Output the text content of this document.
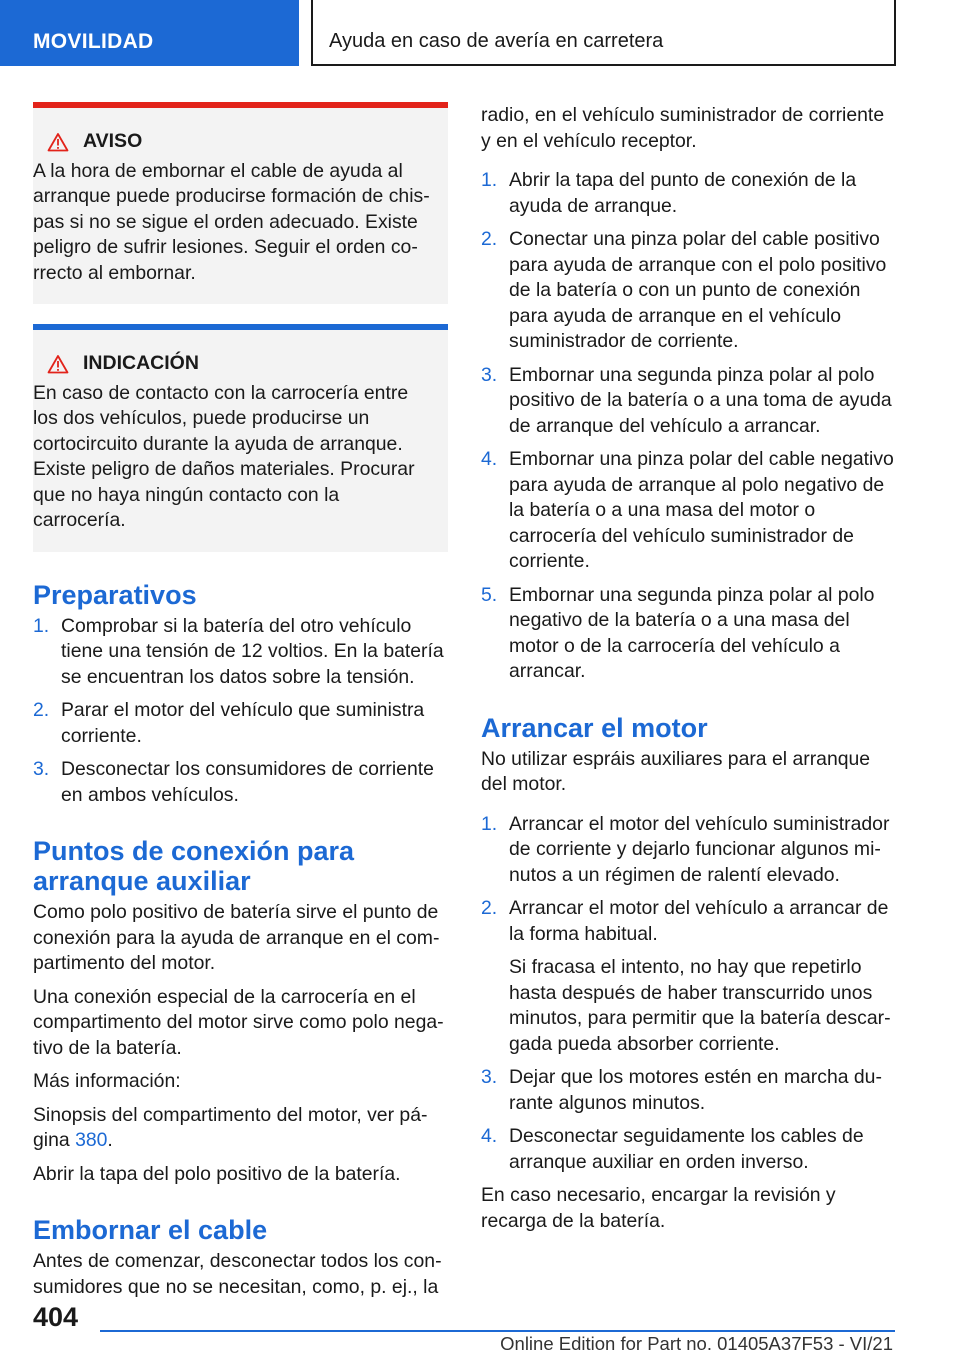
MOVILIDAD	Ayuda en caso de avería en carretera
AVISO

A la hora de embornar el cable de ayuda al arranque puede producirse formación de chispas si no se sigue el orden adecuado. Existe peligro de sufrir lesiones. Seguir el orden correcto al embornar.

INDICACIÓN

En caso de contacto con la carrocería entre los dos vehículos, puede producirse un cortocircuito durante la ayuda de arranque. Existe peligro de daños materiales. Procurar que no haya ningún contacto con la carrocería.

Preparativos
1. Comprobar si la batería del otro vehículo tiene una tensión de 12 voltios. En la batería se encuentran los datos sobre la tensión.
2. Parar el motor del vehículo que suministra corriente.
3. Desconectar los consumidores de corriente en ambos vehículos.
Puntos de conexión para arranque auxiliar

Como polo positivo de batería sirve el punto de conexión para la ayuda de arranque en el compartimento del motor.

Una conexión especial de la carrocería en el compartimento del motor sirve como polo negativo de la batería.

Más información:

Sinopsis del compartimento del motor, ver página 380.

Abrir la tapa del polo positivo de la batería.

Embornar el cable

Antes de comenzar, desconectar todos los consumidores que no se necesitan, como, p. ej., la

radio, en el vehículo suministrador de corriente y en el vehículo receptor.

1. Abrir la tapa del punto de conexión de la ayuda de arranque.
2. Conectar una pinza polar del cable positivo para ayuda de arranque con el polo positivo de la batería o con un punto de conexión para ayuda de arranque en el vehículo suministrador de corriente.
3. Embornar una segunda pinza polar al polo positivo de la batería o a una toma de ayuda de arranque del vehículo a arrancar.
4. Embornar una pinza polar del cable negativo para ayuda de arranque al polo negativo de la batería o a una masa del motor o carrocería del vehículo suministrador de corriente.
5. Embornar una segunda pinza polar al polo negativo de la batería o a una masa del motor o de la carrocería del vehículo a arrancar.
Arrancar el motor

No utilizar espráis auxiliares para el arranque del motor.

1. Arrancar el motor del vehículo suministrador de corriente y dejarlo funcionar algunos minutos a un régimen de ralentí elevado.
2. Arrancar el motor del vehículo a arrancar de la forma habitual.
Si fracasa el intento, no hay que repetirlo hasta después de haber transcurrido unos minutos, para permitir que la batería descargada pueda absorber corriente.
3. Dejar que los motores estén en marcha durante algunos minutos.
4. Desconectar seguidamente los cables de arranque auxiliar en orden inverso.

En caso necesario, encargar la revisión y recarga de la batería.

404
Online Edition for Part no. 01405A37F53 - VI/21
